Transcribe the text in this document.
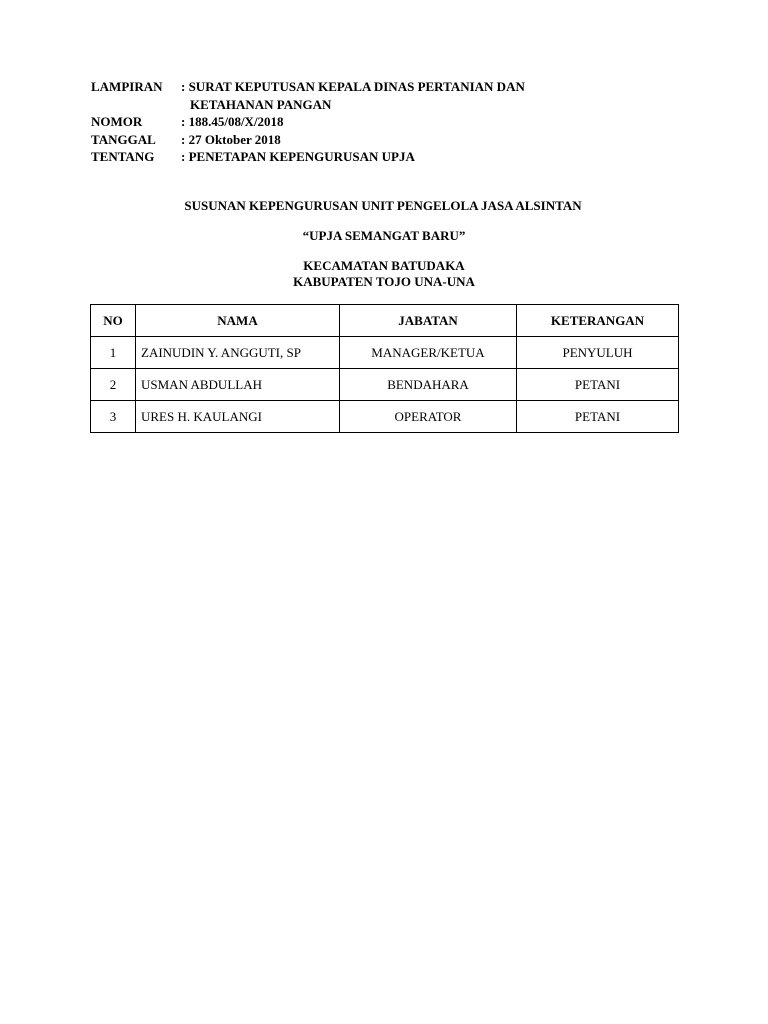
LAMPIRAN	: SURAT KEPUTUSAN KEPALA DINAS PERTANIAN DAN
KETAHANAN PANGAN
NOMOR	: 188.45/08/X/2018
TANGGAL	: 27 Oktober 2018
TENTANG	: PENETAPAN KEPENGURUSAN UPJA
SUSUNAN KEPENGURUSAN UNIT PENGELOLA JASA ALSINTAN
“UPJA SEMANGAT BARU”
KECAMATAN BATUDAKA
KABUPATEN TOJO UNA-UNA
NO	NAMA	JABATAN	KETERANGAN
1	ZAINUDIN Y. ANGGUTI, SP	MANAGER/KETUA	PENYULUH
2	USMAN ABDULLAH	BENDAHARA	PETANI
3	URES H. KAULANGI	OPERATOR	PETANI
